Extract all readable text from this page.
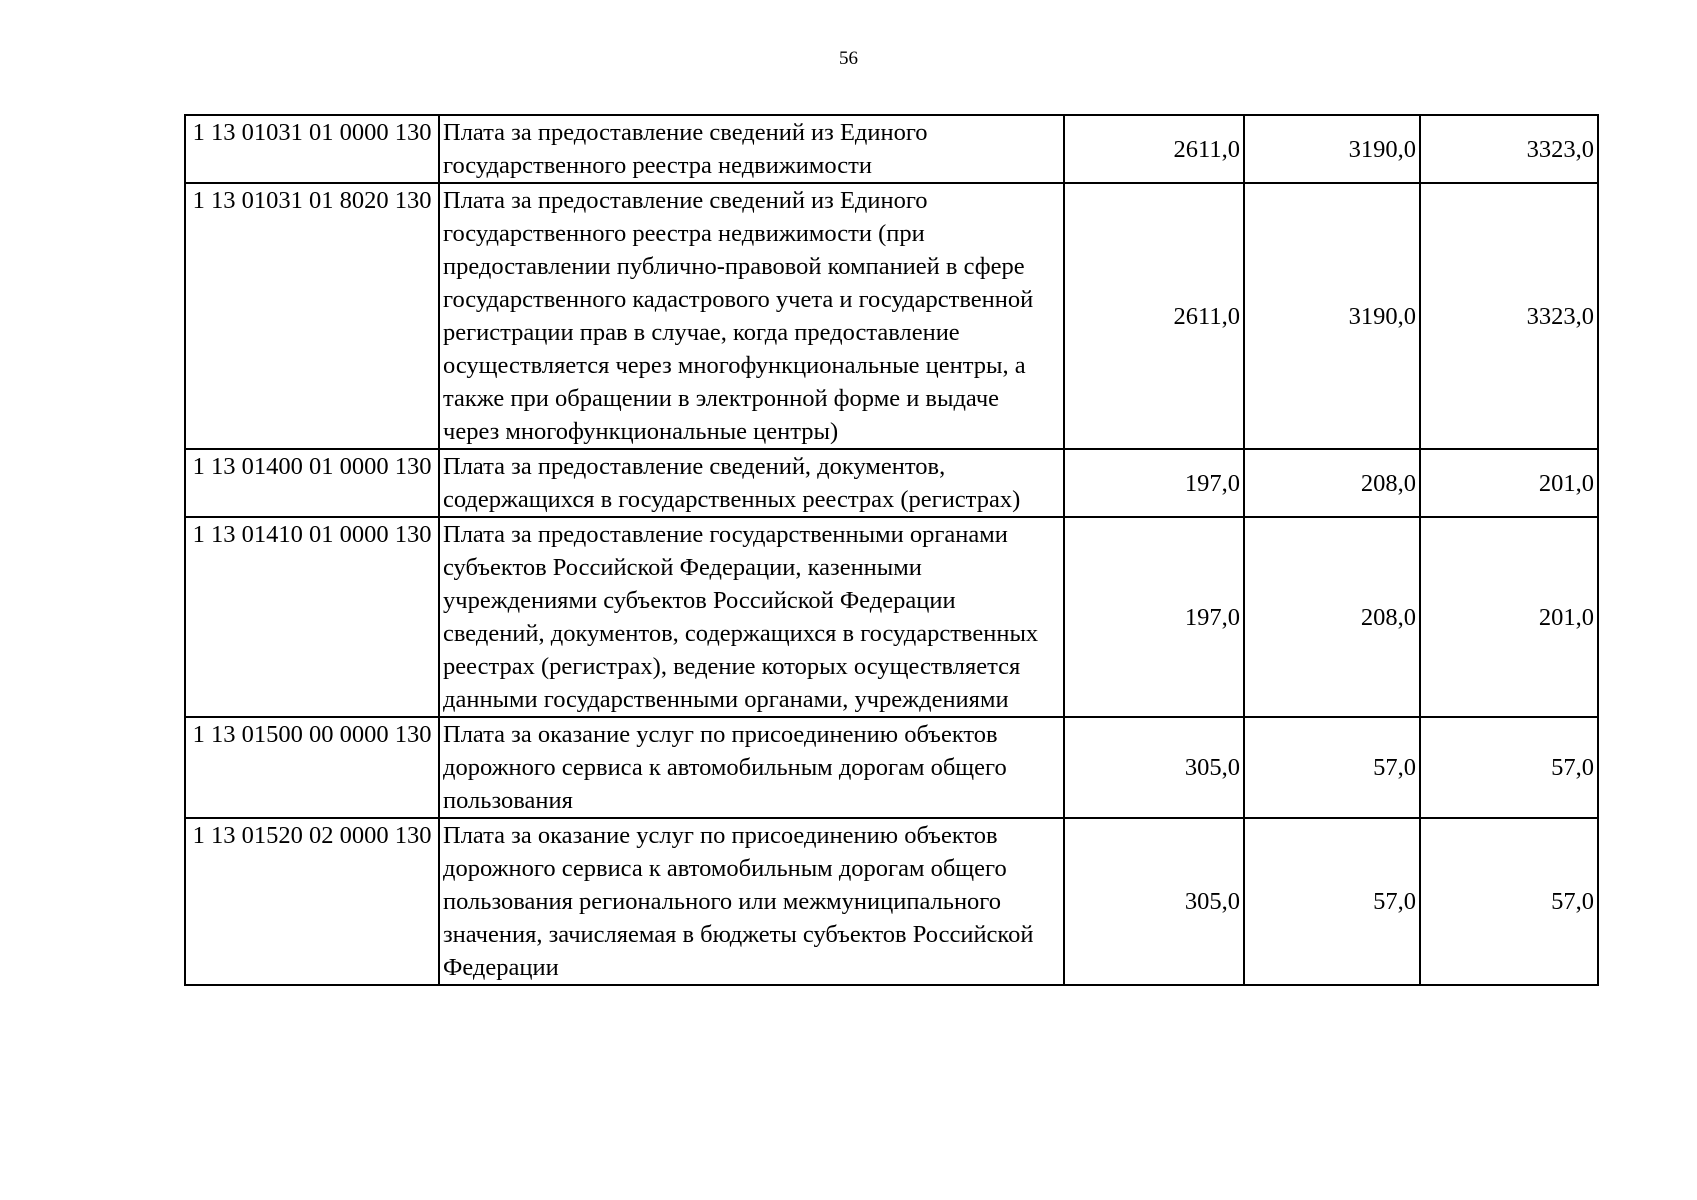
56
1 13 01031 01 0000 130	Плата за предоставление сведений из Единого государственного реестра недвижимости	2611,0	3190,0	3323,0
1 13 01031 01 8020 130	Плата за предоставление сведений из Единого государственного реестра недвижимости (при предоставлении публично-правовой компанией в сфере государственного кадастрового учета и государственной регистрации прав в случае, когда предоставление осуществляется через многофункциональные центры, а также при обращении в электронной форме и выдаче через многофункциональные центры)	2611,0	3190,0	3323,0
1 13 01400 01 0000 130	Плата за предоставление сведений, документов, содержащихся в государственных реестрах (регистрах)	197,0	208,0	201,0
1 13 01410 01 0000 130	Плата за предоставление государственными органами субъектов Российской Федерации, казенными учреждениями субъектов Российской Федерации сведений, документов, содержащихся в государственных реестрах (регистрах), ведение которых осуществляется данными государственными органами, учреждениями	197,0	208,0	201,0
1 13 01500 00 0000 130	Плата за оказание услуг по присоединению объектов дорожного сервиса к автомобильным дорогам общего пользования	305,0	57,0	57,0
1 13 01520 02 0000 130	Плата за оказание услуг по присоединению объектов дорожного сервиса к автомобильным дорогам общего пользования регионального или межмуниципального значения, зачисляемая в бюджеты субъектов Российской Федерации	305,0	57,0	57,0
